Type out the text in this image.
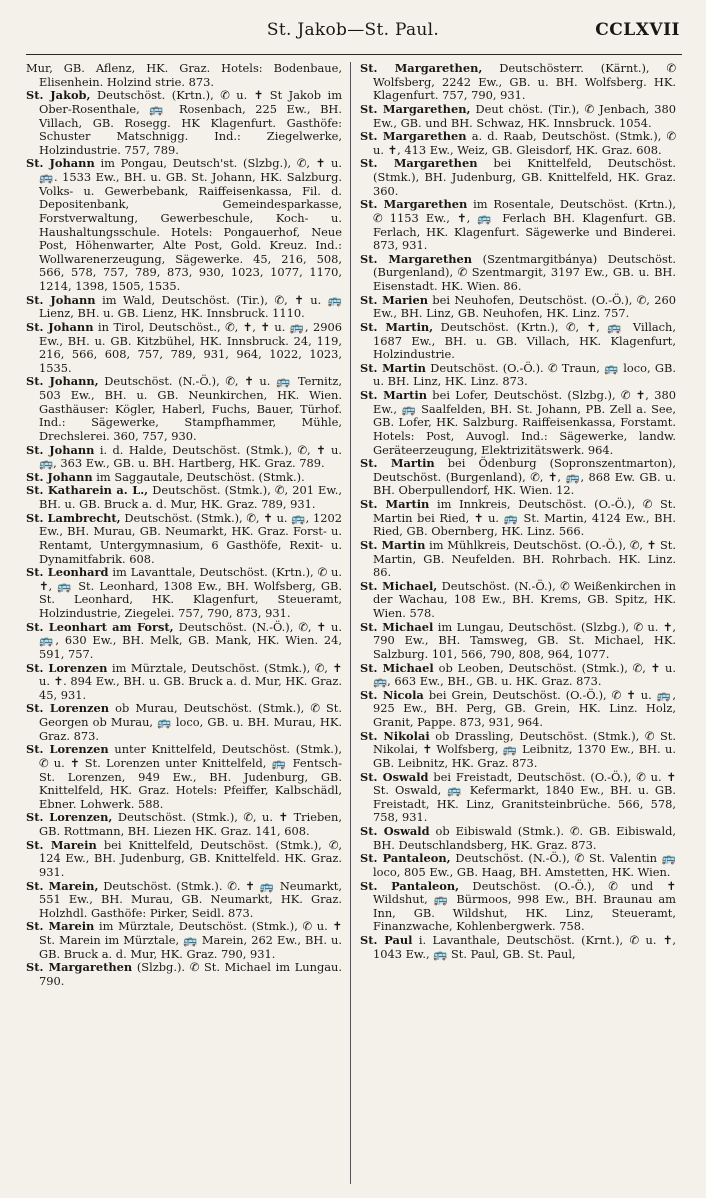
St. Jakob—St. Paul.	CCLXVII

Mur, GB. Aflenz, HK. Graz. Hotels: Bodenbaue, Elisenhein. Holzind strie. 873.

St. Jakob, Deutschöst. (Krtn.), ✆ u. ✝ St Jakob im Ober-Rosenthale, 🚌 Rosenbach, 225 Ew., BH. Villach, GB. Rosegg. HK Klagenfurt. Gasthöfe: Schuster Matschnigg. Ind.: Ziegelwerke, Holzindustrie. 757, 789.

St. Johann im Pongau, Deutsch'st. (Slzbg.), ✆, ✝ u. 🚌. 1533 Ew., BH. u. GB. St. Johann, HK. Salzburg. Volks- u. Gewerbebank, Raiffeisenkassa, Fil. d. Depositenbank, Gemeindesparkasse, Forstverwaltung, Gewerbeschule, Koch- u. Haushaltungsschule. Hotels: Pongauerhof, Neue Post, Höhenwarter, Alte Post, Gold. Kreuz. Ind.: Wollwarenerzeugung, Sägewerke. 45, 216, 508, 566, 578, 757, 789, 873, 930, 1023, 1077, 1170, 1214, 1398, 1505, 1535.

St. Johann im Wald, Deutschöst. (Tir.), ✆, ✝ u. 🚌 Lienz, BH. u. GB. Lienz, HK. Innsbruck. 1110.

St. Johann in Tirol, Deutschöst., ✆, ✝, ✝ u. 🚌, 2906 Ew., BH. u. GB. Kitzbühel, HK. Innsbruck. 24, 119, 216, 566, 608, 757, 789, 931, 964, 1022, 1023, 1535.

St. Johann, Deutschöst. (N.-Ö.), ✆, ✝ u. 🚌 Ternitz, 503 Ew., BH. u. GB. Neunkirchen, HK. Wien. Gasthäuser: Kögler, Haberl, Fuchs, Bauer, Türhof. Ind.: Sägewerke, Stampfhammer, Mühle, Drechslerei. 360, 757, 930.

St. Johann i. d. Halde, Deutschöst. (Stmk.), ✆, ✝ u. 🚌, 363 Ew., GB. u. BH. Hartberg, HK. Graz. 789.

St. Johann im Saggautale, Deutschöst. (Stmk.).

St. Katharein a. L., Deutschöst. (Stmk.), ✆, 201 Ew., BH. u. GB. Bruck a. d. Mur, HK. Graz. 789, 931.

St. Lambrecht, Deutschöst. (Stmk.), ✆, ✝ u. 🚌, 1202 Ew., BH. Murau, GB. Neumarkt, HK. Graz. Forst- u. Rentamt, Untergymnasium, 6 Gasthöfe, Rexit- u. Dynamitfabrik. 608.

St. Leonhard im Lavanttale, Deutschöst. (Krtn.), ✆ u. ✝, 🚌 St. Leonhard, 1308 Ew., BH. Wolfsberg, GB. St. Leonhard, HK. Klagenfurt, Steueramt, Holzindustrie, Ziegelei. 757, 790, 873, 931.

St. Leonhart am Forst, Deutschöst. (N.-Ö.), ✆, ✝ u. 🚌, 630 Ew., BH. Melk, GB. Mank, HK. Wien. 24, 591, 757.

St. Lorenzen im Mürztale, Deutschöst. (Stmk.), ✆, ✝ u. ✝. 894 Ew., BH. u. GB. Bruck a. d. Mur, HK. Graz. 45, 931.

St. Lorenzen ob Murau, Deutschöst. (Stmk.), ✆ St. Georgen ob Murau, 🚌 loco, GB. u. BH. Murau, HK. Graz. 873.

St. Lorenzen unter Knittelfeld, Deutschöst. (Stmk.), ✆ u. ✝ St. Lorenzen unter Knittelfeld, 🚌 Fentsch-St. Lorenzen, 949 Ew., BH. Judenburg, GB. Knittelfeld, HK. Graz. Hotels: Pfeiffer, Kalbschädl, Ebner. Lohwerk. 588.

St. Lorenzen, Deutschöst. (Stmk.), ✆, u. ✝ Trieben, GB. Rottmann, BH. Liezen HK. Graz. 141, 608.

St. Marein bei Knittelfeld, Deutschöst. (Stmk.), ✆, 124 Ew., BH. Judenburg, GB. Knittelfeld. HK. Graz. 931.

St. Marein, Deutschöst. (Stmk.). ✆. ✝ 🚌 Neumarkt, 551 Ew., BH. Murau, GB. Neumarkt, HK. Graz. Holzhdl. Gasthöfe: Pirker, Seidl. 873.

St. Marein im Mürztale, Deutschöst. (Stmk.), ✆ u. ✝ St. Marein im Mürztale, 🚌 Marein, 262 Ew., BH. u. GB. Bruck a. d. Mur, HK. Graz. 790, 931.

St. Margarethen (Slzbg.). ✆ St. Michael im Lungau. 790.

St. Margarethen, Deutschösterr. (Kärnt.), ✆ Wolfsberg, 2242 Ew., GB. u. BH. Wolfsberg. HK. Klagenfurt. 757, 790, 931.

St. Margarethen, Deut chöst. (Tir.), ✆ Jenbach, 380 Ew., GB. und BH. Schwaz, HK. Innsbruck. 1054.

St. Margarethen a. d. Raab, Deutschöst. (Stmk.), ✆ u. ✝, 413 Ew., Weiz, GB. Gleisdorf, HK. Graz. 608.

St. Margarethen bei Knittelfeld, Deutschöst. (Stmk.), BH. Judenburg, GB. Knittelfeld, HK. Graz. 360.

St. Margarethen im Rosentale, Deutschöst. (Krtn.), ✆ 1153 Ew., ✝, 🚌 Ferlach BH. Klagenfurt. GB. Ferlach, HK. Klagenfurt. Sägewerke und Binderei. 873, 931.

St. Margarethen (Szentmargitbánya) Deutschöst. (Burgenland), ✆ Szentmargit, 3197 Ew., GB. u. BH. Eisenstadt. HK. Wien. 86.

St. Marien bei Neuhofen, Deutschöst. (O.-Ö.), ✆, 260 Ew., BH. Linz, GB. Neuhofen, HK. Linz. 757.

St. Martin, Deutschöst. (Krtn.), ✆, ✝, 🚌 Villach, 1687 Ew., BH. u. GB. Villach, HK. Klagenfurt, Holzindustrie.

St. Martin Deutschöst. (O.-Ö.). ✆ Traun, 🚌 loco, GB. u. BH. Linz, HK. Linz. 873.

St. Martin bei Lofer, Deutschöst. (Slzbg.), ✆ ✝, 380 Ew., 🚌 Saalfelden, BH. St. Johann, PB. Zell a. See, GB. Lofer, HK. Salzburg. Raiffeisenkassa, Forstamt. Hotels: Post, Auvogl. Ind.: Sägewerke, landw. Geräteerzeugung, Elektrizitätswerk. 964.

St. Martin bei Ödenburg (Sopronszentmarton), Deutschöst. (Burgenland), ✆, ✝, 🚌, 868 Ew. GB. u. BH. Oberpullendorf, HK. Wien. 12.

St. Martin im Innkreis, Deutschöst. (O.-Ö.), ✆ St. Martin bei Ried, ✝ u. 🚌 St. Martin, 4124 Ew., BH. Ried, GB. Obernberg, HK. Linz. 566.

St. Martin im Mühlkreis, Deutschöst. (O.-Ö.), ✆, ✝ St. Martin, GB. Neufelden. BH. Rohrbach. HK. Linz. 86.

St. Michael, Deutschöst. (N.-Ö.), ✆ Weißenkirchen in der Wachau, 108 Ew., BH. Krems, GB. Spitz, HK. Wien. 578.

St. Michael im Lungau, Deutschöst. (Slzbg.), ✆ u. ✝, 790 Ew., BH. Tamsweg, GB. St. Michael, HK. Salzburg. 101, 566, 790, 808, 964, 1077.

St. Michael ob Leoben, Deutschöst. (Stmk.), ✆, ✝ u. 🚌, 663 Ew., BH., GB. u. HK. Graz. 873.

St. Nicola bei Grein, Deutschöst. (O.-Ö.), ✆ ✝ u. 🚌, 925 Ew., BH. Perg, GB. Grein, HK. Linz. Holz, Granit, Pappe. 873, 931, 964.

St. Nikolai ob Drassling, Deutschöst. (Stmk.), ✆ St. Nikolai, ✝ Wolfsberg, 🚌 Leibnitz, 1370 Ew., BH. u. GB. Leibnitz, HK. Graz. 873.

St. Oswald bei Freistadt, Deutschöst. (O.-Ö.), ✆ u. ✝ St. Oswald, 🚌 Kefermarkt, 1840 Ew., BH. u. GB. Freistadt, HK. Linz, Granitsteinbrüche. 566, 578, 758, 931.

St. Oswald ob Eibiswald (Stmk.). ✆. GB. Eibiswald, BH. Deutschlandsberg, HK. Graz. 873.

St. Pantaleon, Deutschöst. (N.-Ö.), ✆ St. Valentin 🚌 loco, 805 Ew., GB. Haag, BH. Amstetten, HK. Wien.

St. Pantaleon, Deutschöst. (O.-Ö.), ✆ und ✝ Wildshut, 🚌 Bürmoos, 998 Ew., BH. Braunau am Inn, GB. Wildshut, HK. Linz, Steueramt, Finanzwache, Kohlenbergwerk. 758.

St. Paul i. Lavanthale, Deutschöst. (Krnt.), ✆ u. ✝, 1043 Ew., 🚌 St. Paul, GB. St. Paul,
